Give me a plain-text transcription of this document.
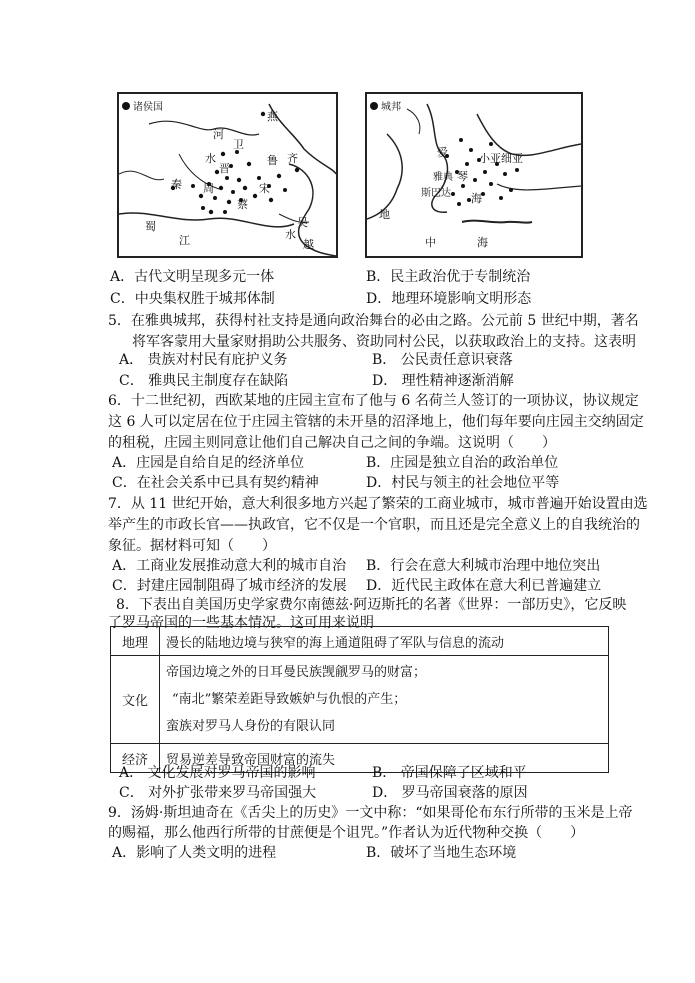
诸侯国
燕
河
卫
水
晋
鲁 齐
秦 周	宋
蔡
蜀
江
吴
水
越
城邦
爱
琴
小亚细亚
雅典
斯巴达 海
地
中	海
A．古代文明呈现多元一体	B．民主政治优于专制统治
C．中央集权胜于城邦体制	D．地理环境影响文明形态
5．在雅典城邦，获得村社支持是通向政治舞台的必由之路。公元前 5 世纪中期，著名
将军客蒙用大量家财捐助公共服务、资助同村公民，以获取政治上的支持。这表明
A． 贵族对村民有庇护义务	B． 公民责任意识衰落
C． 雅典民主制度存在缺陷	D． 理性精神逐渐消解
6．十二世纪初，西欧某地的庄园主宣布了他与 6 名荷兰人签订的一项协议，协议规定
这 6 人可以定居在位于庄园主管辖的未开垦的沼泽地上，他们每年要向庄园主交纳固定
的租税，庄园主则同意让他们自己解决自己之间的争端。这说明（　　）
A．庄园是自给自足的经济单位	B．庄园是独立自治的政治单位
C．在社会关系中已具有契约精神	D．村民与领主的社会地位平等
7．从 11 世纪开始，意大利很多地方兴起了繁荣的工商业城市，城市普遍开始设置由选
举产生的市政长官——执政官，它不仅是一个官职，而且还是完全意义上的自我统治的
象征。据材料可知（　　）
A．工商业发展推动意大利的城市自治 B．行会在意大利城市治理中地位突出
C．封建庄园制阻碍了城市经济的发展 D．近代民主政体在意大利已普遍建立
8．下表出自美国历史学家费尔南德兹·阿迈斯托的名著《世界：一部历史》，它反映
了罗马帝国的一些基本情况。这可用来说明
地理	漫长的陆地边境与狭窄的海上通道阻碍了军队与信息的流动
文化	帝国边境之外的日耳曼民族觊觎罗马的财富；
“南北”繁荣差距导致嫉妒与仇恨的产生；
蛮族对罗马人身份的有限认同

经济	贸易逆差导致帝国财富的流失
A． 文化发展对罗马帝国的影响	B． 帝国保障了区域和平
C． 对外扩张带来罗马帝国强大	D． 罗马帝国衰落的原因
9．汤姆·斯坦迪奇在《舌尖上的历史》一文中称：“如果哥伦布东行所带的玉米是上帝
的赐福，那么他西行所带的甘蔗便是个诅咒。”作者认为近代物种交换（　　）
A．影响了人类文明的进程	B．破坏了当地生态环境
